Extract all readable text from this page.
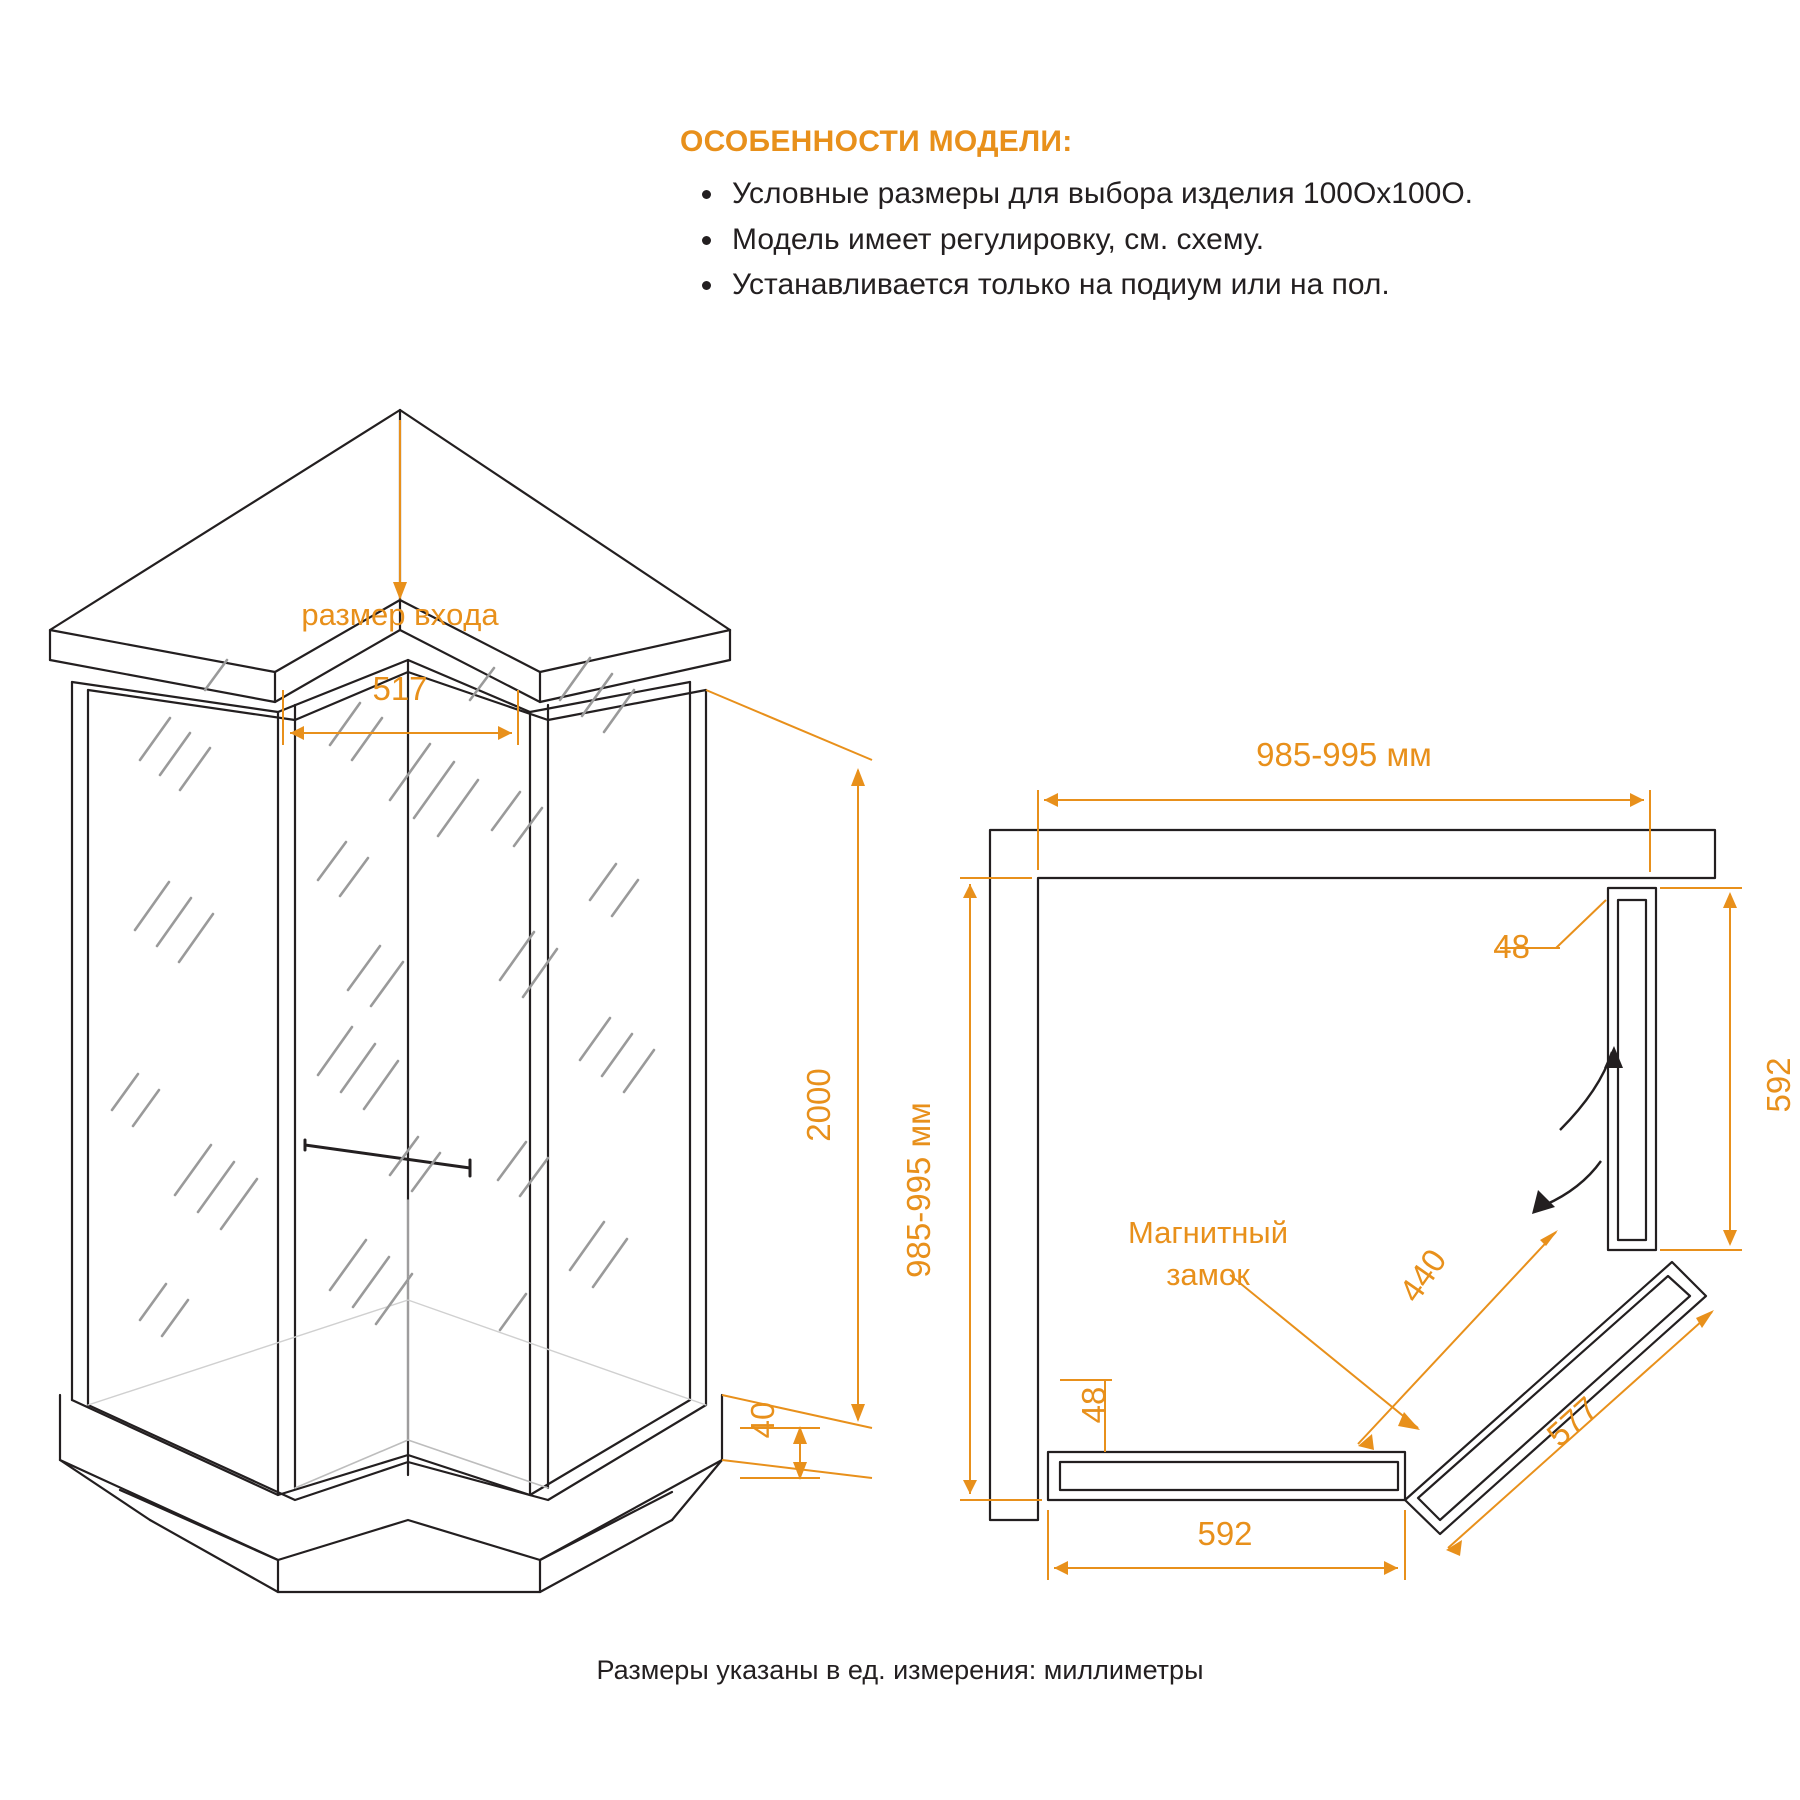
ОСОБЕННОСТИ МОДЕЛИ:
Условные размеры для выбора изделия 100Ox100O.
Модель имеет регулировку, см. схему.
Устанавливается только на подиум или на пол.
размер вхoда
517
2000
40
985-995 мм
985-995 мм
48
592
48
592
440
577
Магнитный
замок
Размеры указаны в ед. измерения: миллиметры
